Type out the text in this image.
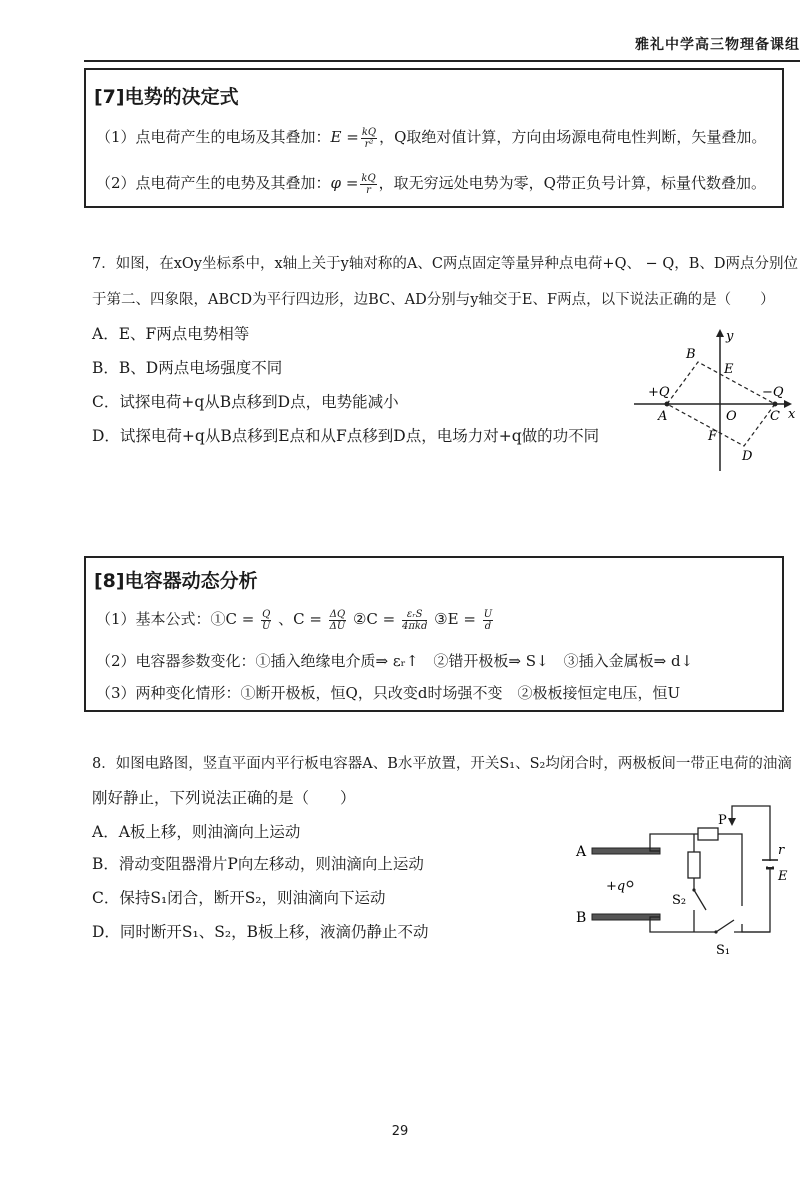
雅礼中学高三物理备课组
[7]电势的决定式
（1）点电荷产生的电场及其叠加：$E = \frac{kQ}{\text{r²}}$ ，Q取绝对值计算，方向由场源电荷电性判断，矢量叠加。
（2）点电荷产生的电势及其叠加：$\varphi = \frac{kQ}{r}$ ，取无穷远处电势为零，Q带正负号计算，标量代数叠加。
7．如图，在xOy坐标系中，x轴上关于y轴对称的A、C两点固定等量异种点电荷+Q、 − Q，B、D两点分别位
于第二、四象限，ABCD为平行四边形，边BC、AD分别与y轴交于E、F两点，以下说法正确的是（　　）
A．E、F两点电势相等
B．B、D两点电场强度不同
C．试探电荷+q从B点移到D点，电势能减小
D．试探电荷+q从B点移到E点和从F点移到D点，电场力对+q做的功不同
y
x
B
E
+Q	−Q
A	O	C
F
D
[8]电容器动态分析
（1）基本公式：①C = $\frac{Q}{U}$ 、$C = \frac{\Delta Q}{\Delta U}$ ②C = $\frac{\text{εᵣS}}{\text{4πkd}}$ ③E = $\frac{U}{d}$
（2）电容器参数变化：①插入绝缘电介质⇒ εᵣ↑　②错开极板⇒ S↓　③插入金属板⇒ d↓
（3）两种变化情形：①断开极板，恒Q，只改变d时场强不变　②极板接恒定电压，恒U
8．如图电路图，竖直平面内平行板电容器A、B水平放置，开关S₁、S₂均闭合时，两极板间一带正电荷的油滴
刚好静止，下列说法正确的是（　　）
A．A板上移，则油滴向上运动
B．滑动变阻器滑片P向左移动，则油滴向上运动
C．保持S₁闭合，断开S₂，则油滴向下运动
D．同时断开S₁、S₂，B板上移，液滴仍静止不动
A
B
+q
P
S₂
S₁
r
E
29
